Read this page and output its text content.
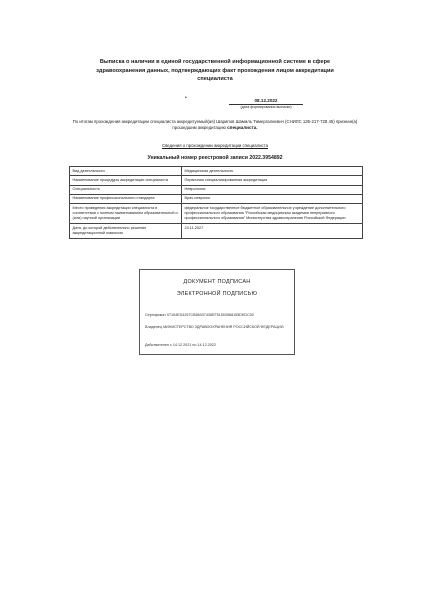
Выписка о наличии в единой государственной информационной системе в сфере здравоохранения данных, подтверждающих факт прохождения лицом аккредитации специалиста
•	08.12.2022
(дата формирования выписки)
По итогам прохождения аккредитации специалиста аккредитуемый(ая) Шарипов Шамиль Тимергалиевич (СНИЛС 135-217-728 45) признан(а) прошедшим аккредитацию специалиста.
Сведения о прохождении аккредитации специалиста
Уникальный номер реестровой записи 2022.3954892
Вид деятельности	Медицинская деятельность
Наименование процедуры аккредитации специалиста	Первичная специализированная аккредитация
Специальность	Неврология
Наименование профессионального стандарта	Врач-невролог
Место проведения аккредитации специалиста в соответствии с полным наименованием образовательной и (или) научной организации	федеральное государственное бюджетное образовательное учреждение дополнительного профессионального образования "Российская медицинская академия непрерывного профессионального образования" Министерства здравоохранения Российской Федерации
Дата, до которой действительно решение аккредитационной комиссии	24.11.2027
ДОКУМЕНТ ПОДПИСАН
ЭЛЕКТРОННОЙ ПОДПИСЬЮ
Сертификат 07154ED4257CB66037436EF51503988155DEDC00
Владелец МИНИСТЕРСТВО ЗДРАВООХРАНЕНИЯ РОССИЙСКОЙ ФЕДЕРАЦИИ
Действителен с 14.12.2021 по 14.12.2022
